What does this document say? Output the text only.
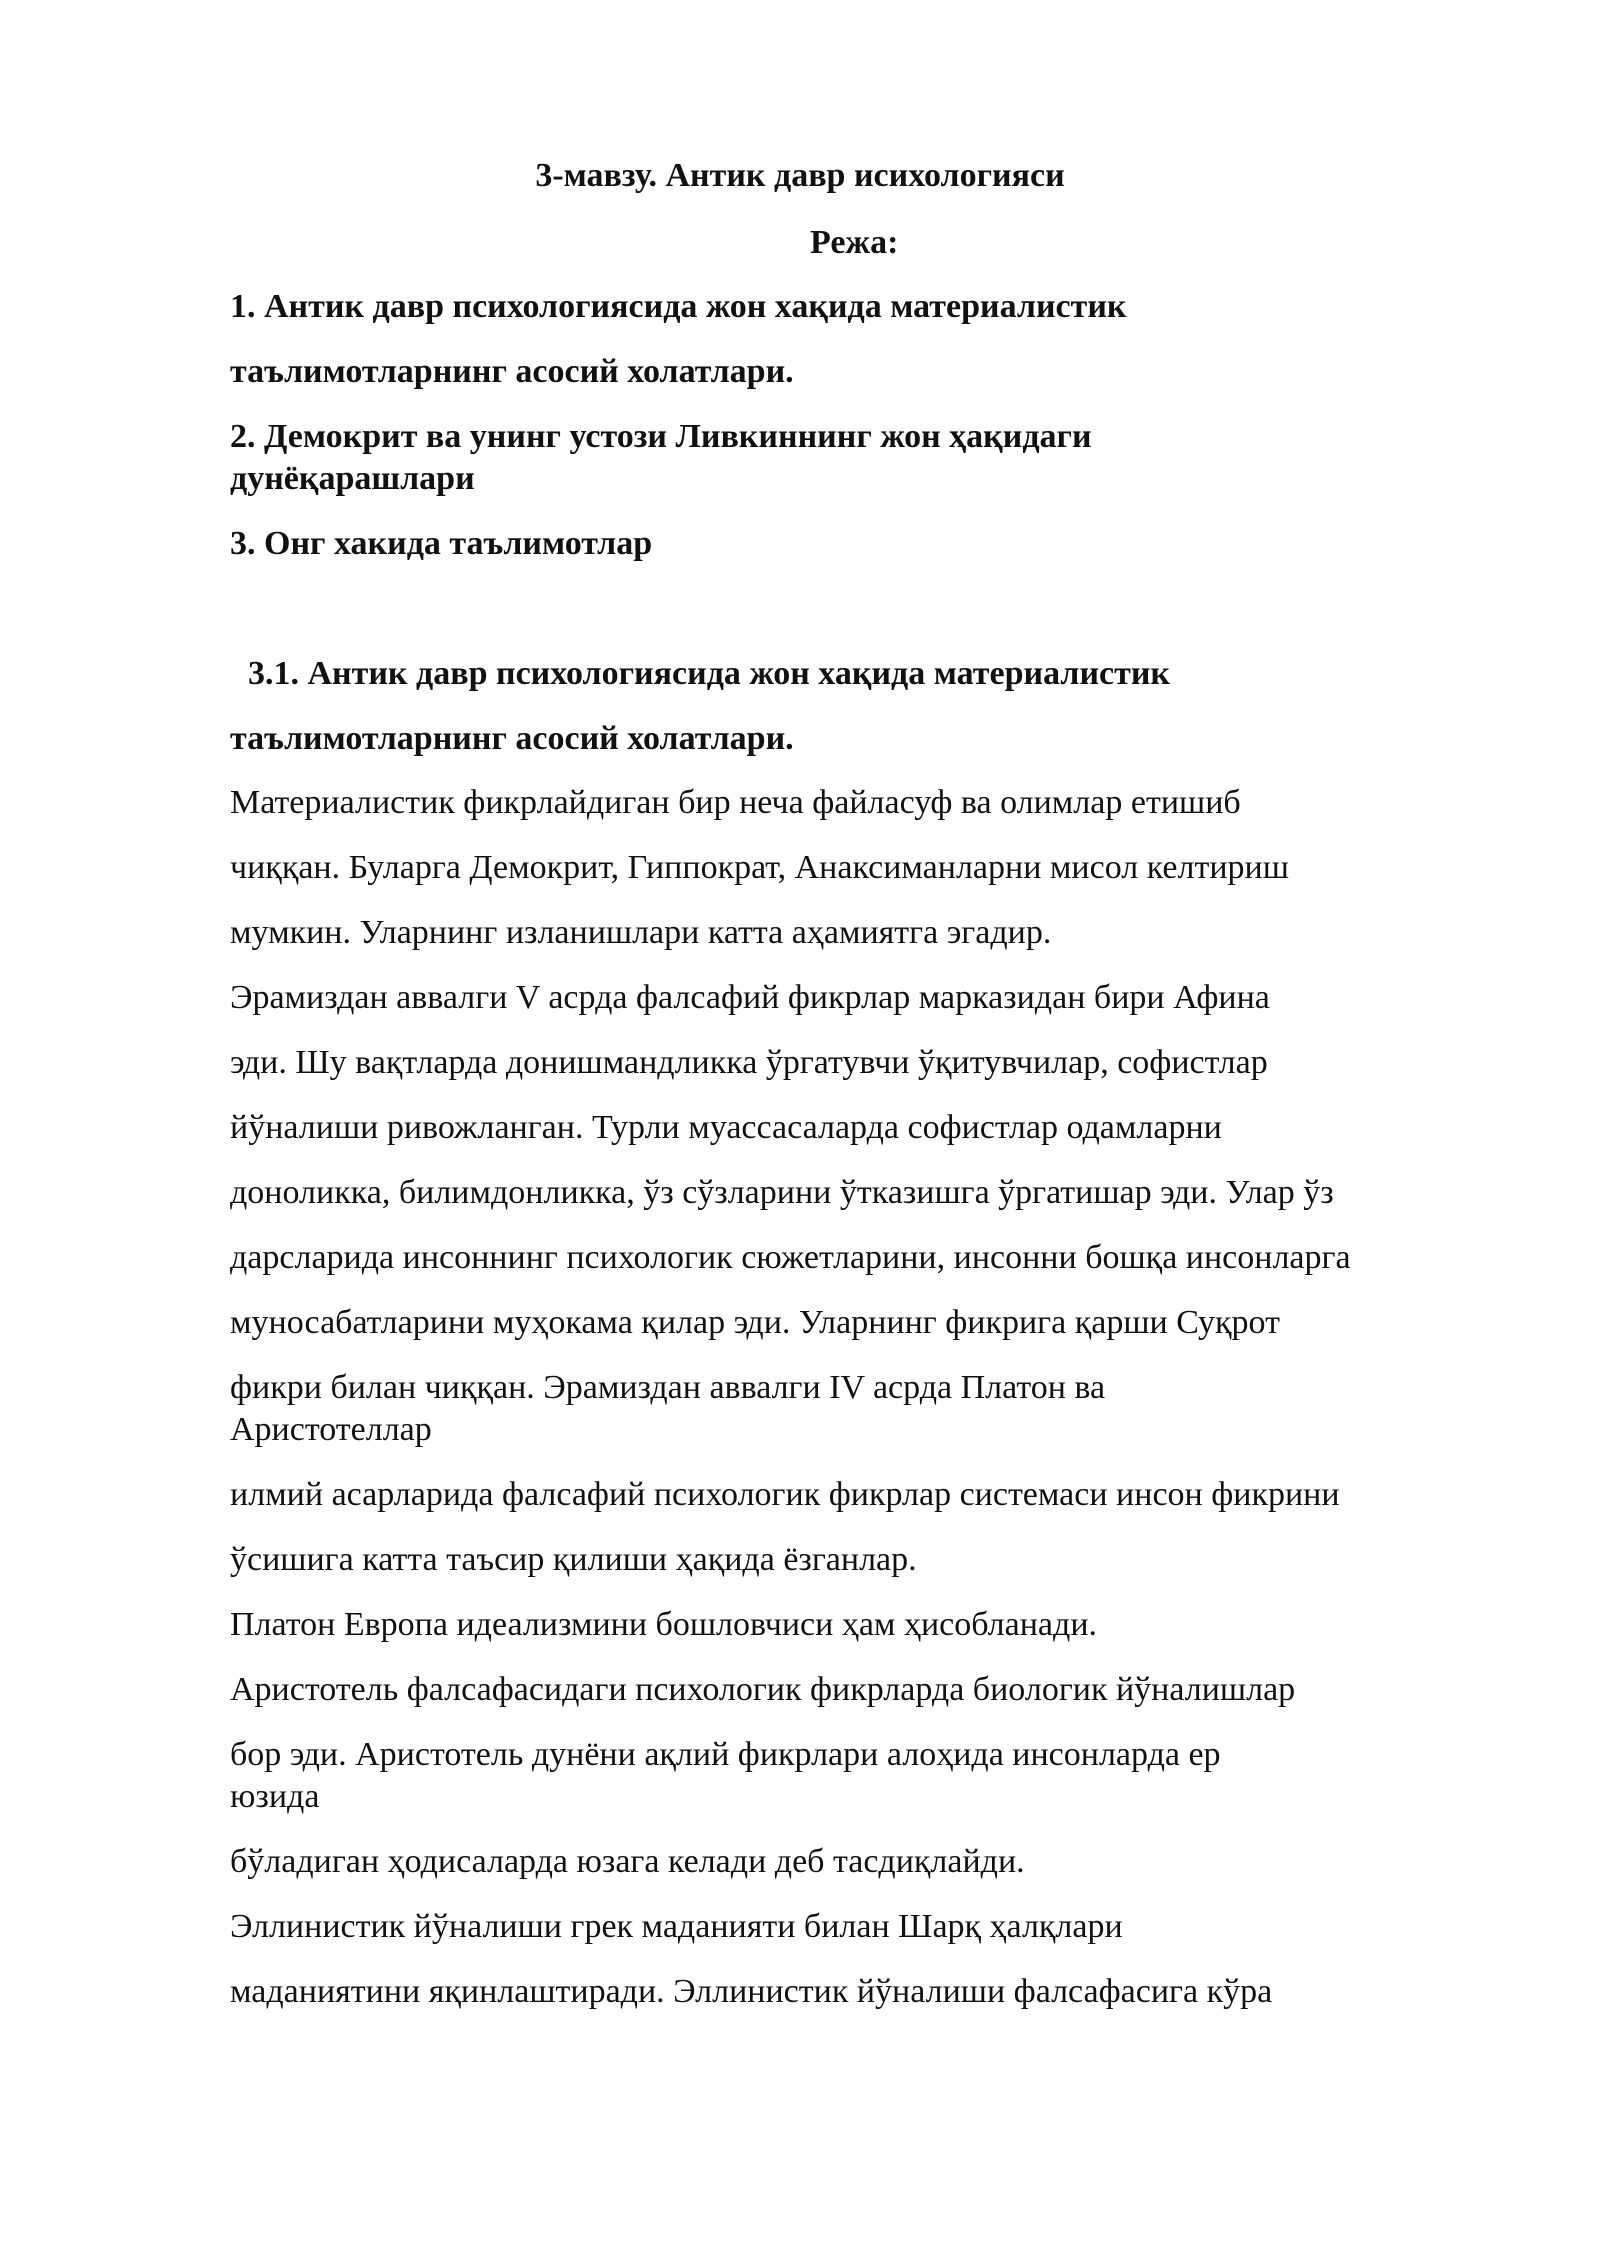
3-мавзу. Антик давр исихологияси
Режа:
1. Антик давр психологиясида жон хақида материалистик
таълимотларнинг асосий холатлари.
2. Демокрит ва унинг устози Ливкиннинг жон ҳақидаги
дунёқарашлари
3. Онг хакида таълимотлар
3.1. Антик давр психологиясида жон хақида материалистик
таълимотларнинг асосий холатлари.
Материалистик фикрлайдиган бир неча файласуф ва олимлар етишиб
чиққан. Буларга Демокрит, Гиппократ, Анаксиманларни мисол келтириш
мумкин. Уларнинг изланишлари катта аҳамиятга эгадир.
Эрамиздан аввалги V асрда фалсафий фикрлар марказидан бири Афина
эди. Шу вақтларда донишмандликка ўргатувчи ўқитувчилар, софистлар
йўналиши ривожланган. Турли муассасаларда софистлар одамларни
доноликка, билимдонликка, ўз сўзларини ўтказишга ўргатишар эди. Улар ўз
дарсларида инсоннинг психологик сюжетларини, инсонни бошқа инсонларга
муносабатларини муҳокама қилар эди. Уларнинг фикрига қарши Суқрот
фикри билан чиққан. Эрамиздан аввалги IV асрда Платон ва
Аристотеллар
илмий асарларида фалсафий психологик фикрлар системаси инсон фикрини
ўсишига катта таъсир қилиши ҳақида ёзганлар.
Платон Европа идеализмини бошловчиси ҳам ҳисобланади.
Аристотель фалсафасидаги психологик фикрларда биологик йўналишлар
бор эди. Аристотель дунёни ақлий фикрлари алоҳида инсонларда ер
юзида
бўладиган ҳодисаларда юзага келади деб тасдиқлайди.
Эллинистик йўналиши грек маданияти билан Шарқ ҳалқлари
маданиятини яқинлаштиради. Эллинистик йўналиши фалсафасига кўра
